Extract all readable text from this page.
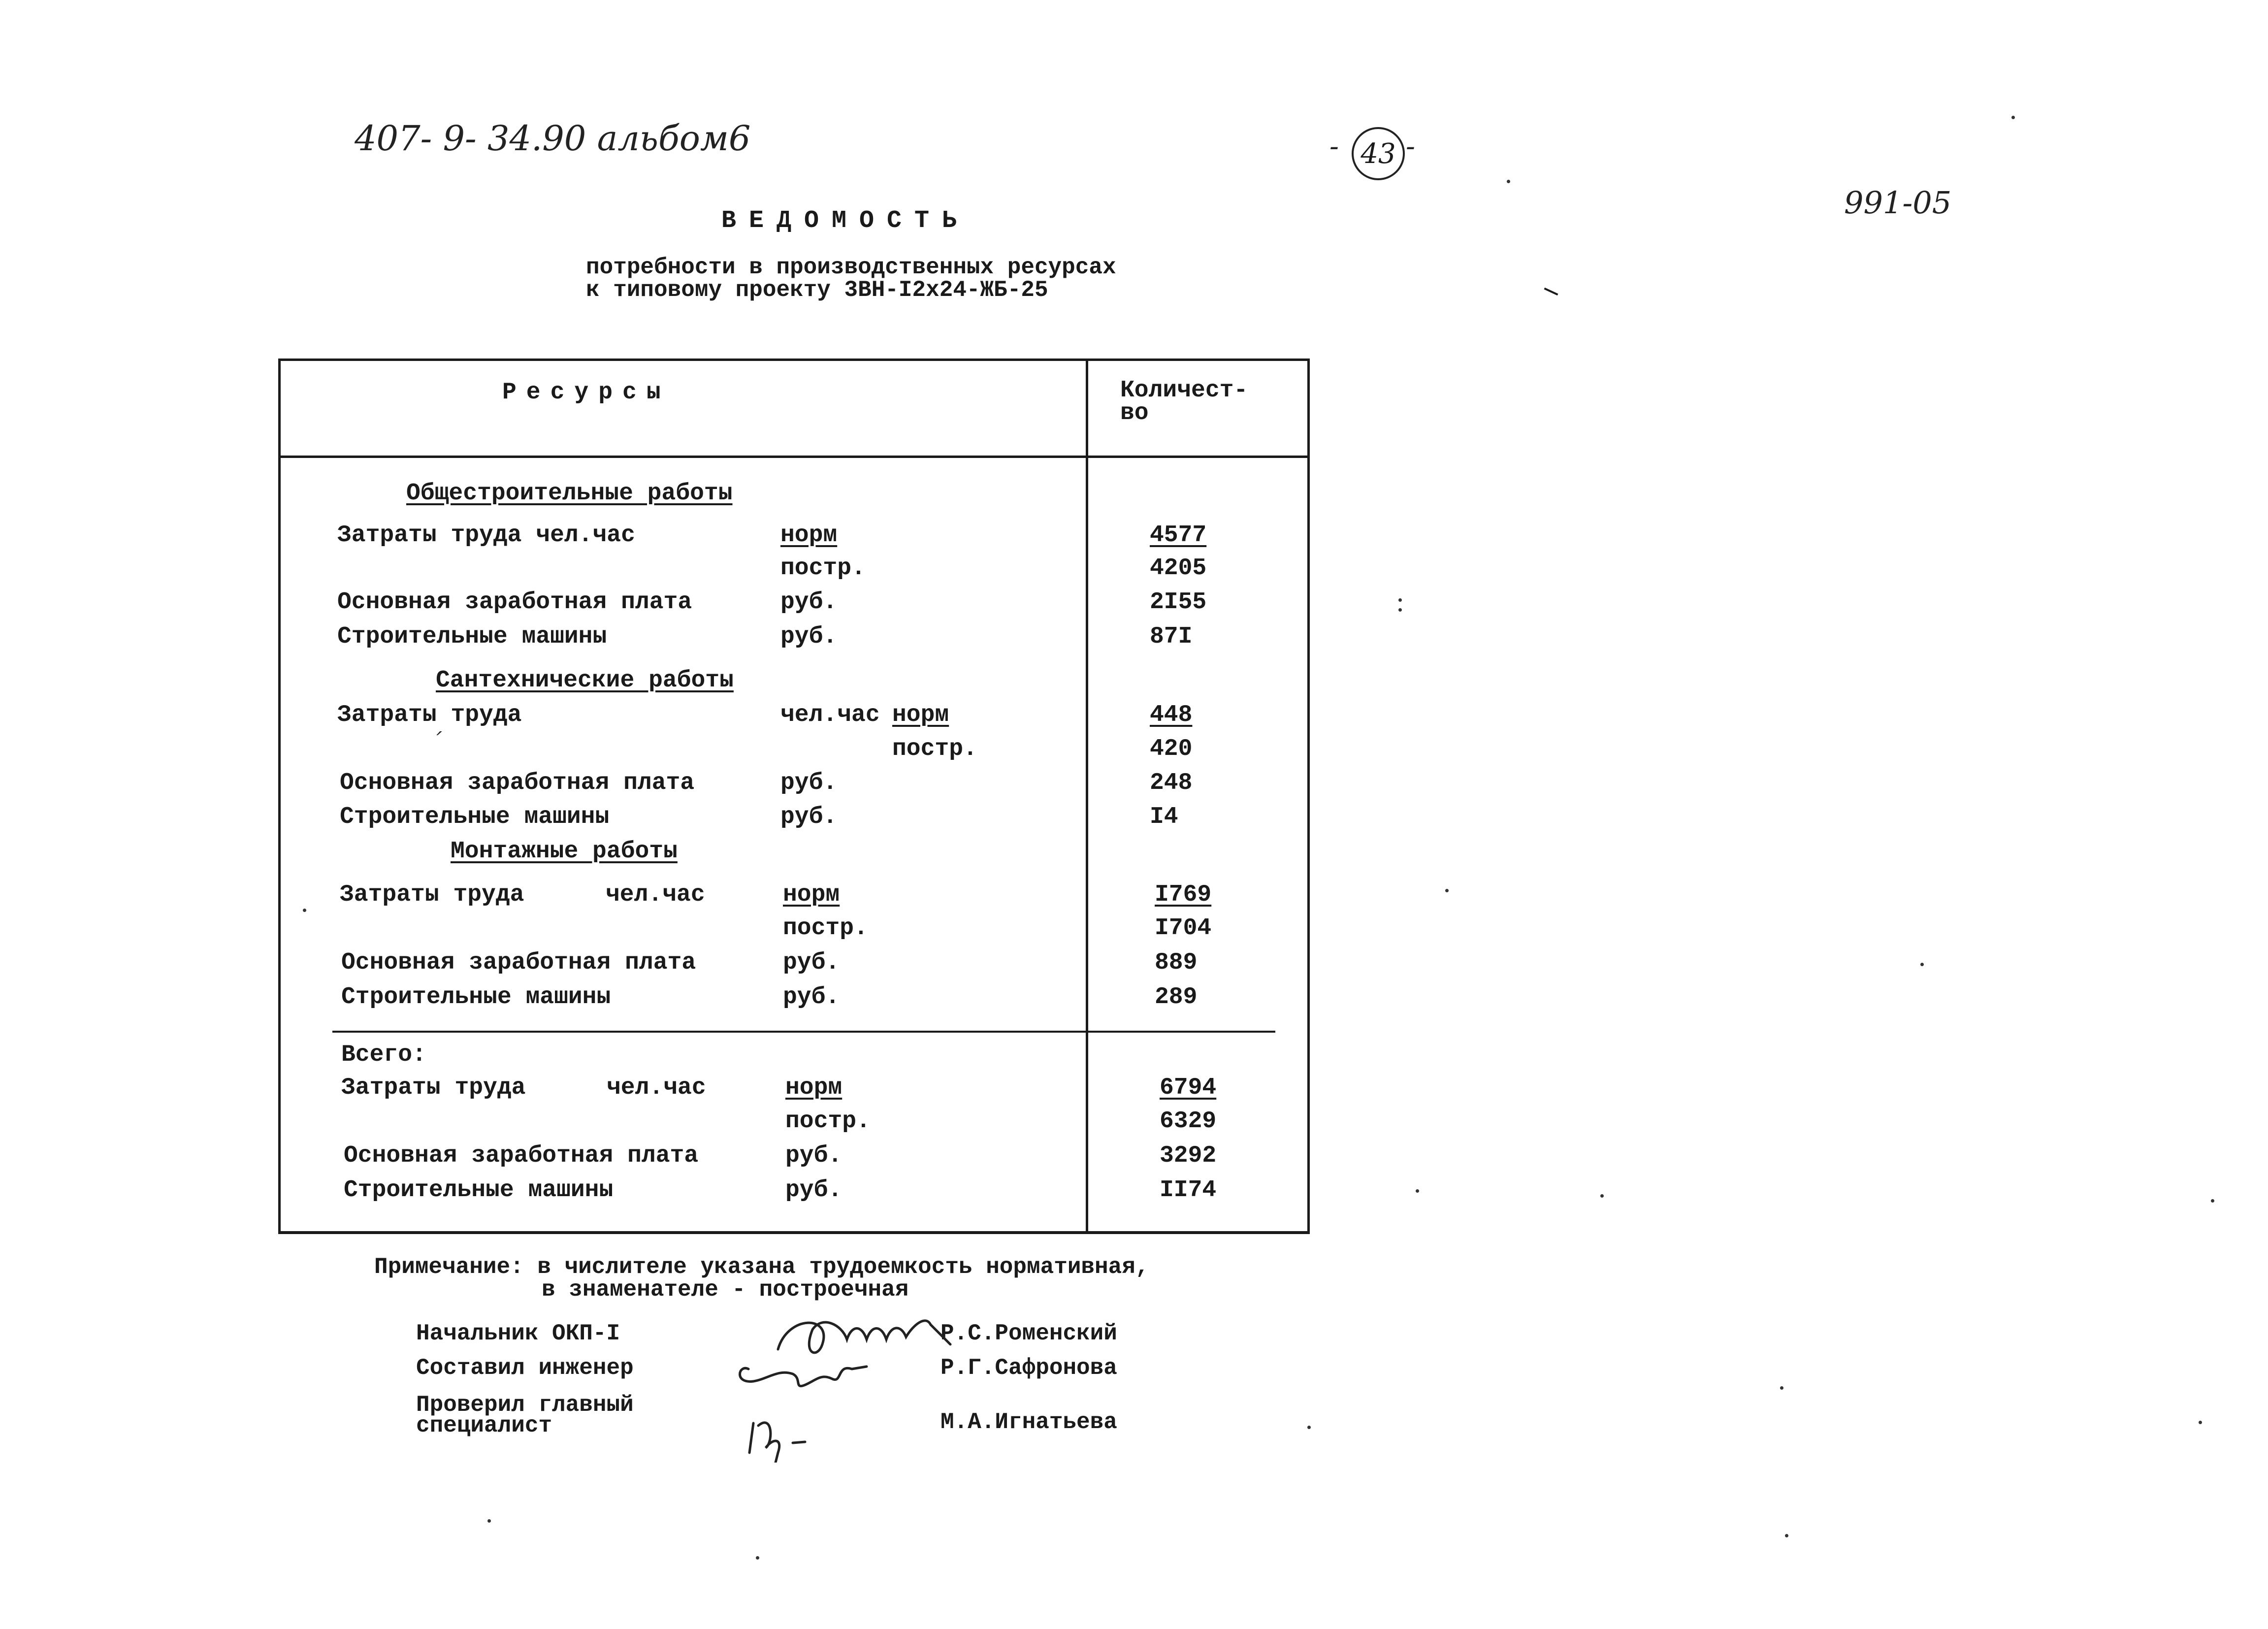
407- 9- 34.90 альбом6	- 43 -
991-05
ВЕДОМОСТЬ
потребности в производственных ресурсах
к типовому проекту 3ВН-I2x24-ЖБ-25
Ресурсы	Количест-
во
Общестроительные работы
Затраты труда чел.час	норм	4577
постр.	4205
Основная заработная плата	руб.	2I55
Строительные машины	руб.	87I
Сантехнические работы
Затраты труда	чел.час норм	448
ˊ	постр.	420
Основная заработная плата	руб.	248
Строительные машины	руб.	I4
Монтажные работы
Затраты труда	чел.час	норм	I769
постр.	I704
Основная заработная плата	руб.	889
Строительные машины	руб.	289
Всего:
Затраты труда	чел.час	норм	6794
постр.	6329
Основная заработная плата	руб.	3292
Строительные машины	руб.	II74
Примечание: в числителе указана трудоемкость нормативная,
в знаменателе - построечная
Начальник ОКП-I
Составил инженер
Проверил главный
специалист
Р.С.Роменский
Р.Г.Сафронова
М.А.Игнатьева
